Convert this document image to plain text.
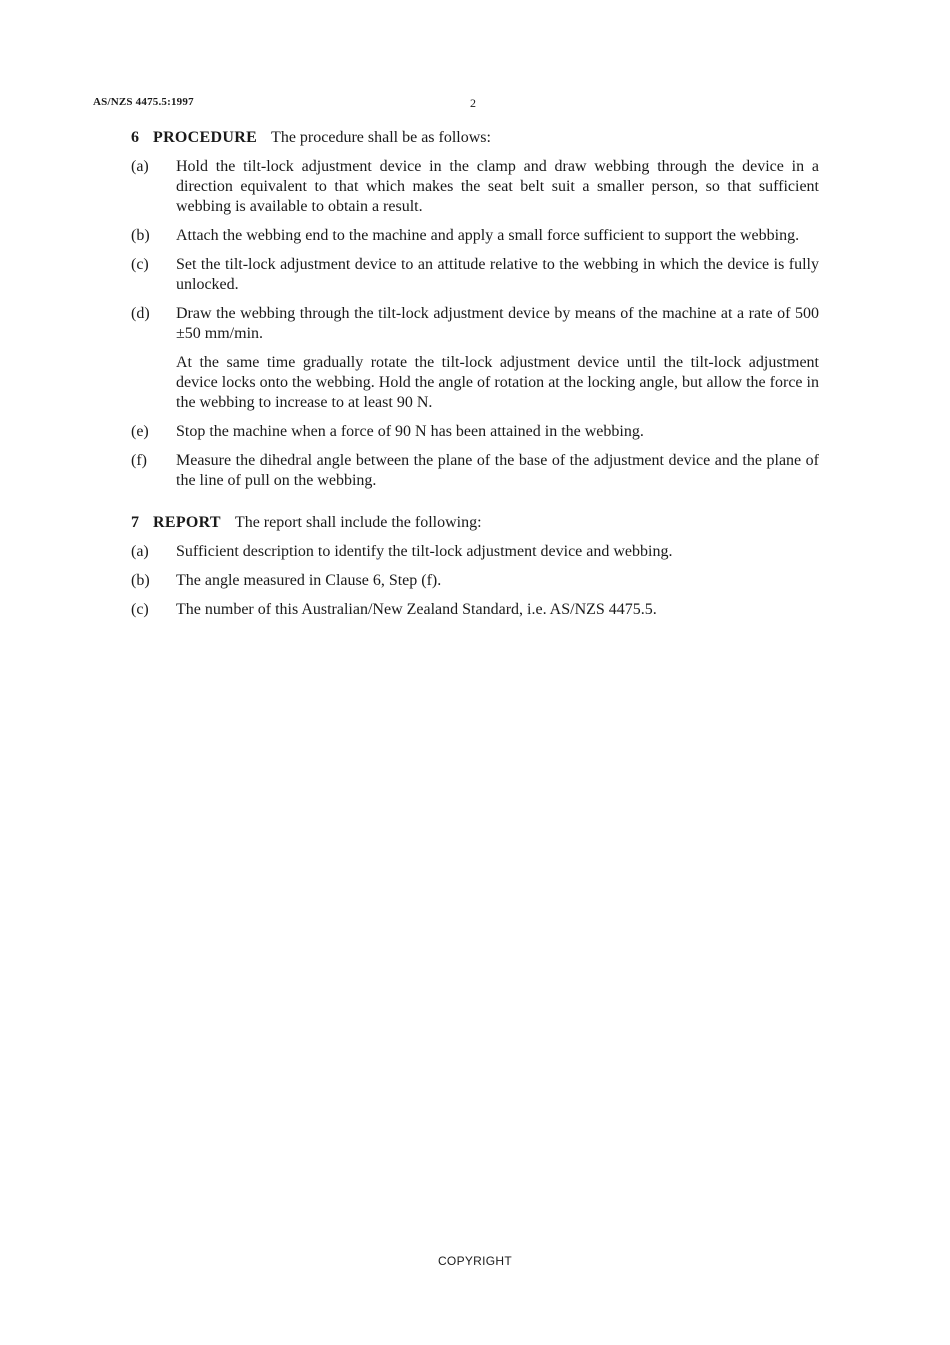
AS/NZS 4475.5:1997	2
6 PROCEDURE The procedure shall be as follows:
(a)	Hold the tilt-lock adjustment device in the clamp and draw webbing through the device in a direction equivalent to that which makes the seat belt suit a smaller person, so that sufficient webbing is available to obtain a result.
(b)	Attach the webbing end to the machine and apply a small force sufficient to support the webbing.
(c)	Set the tilt-lock adjustment device to an attitude relative to the webbing in which the device is fully unlocked.
(d)	Draw the webbing through the tilt-lock adjustment device by means of the machine at a rate of 500 ±50 mm/min.
At the same time gradually rotate the tilt-lock adjustment device until the tilt-lock adjustment device locks onto the webbing. Hold the angle of rotation at the locking angle, but allow the force in the webbing to increase to at least 90 N.
(e)	Stop the machine when a force of 90 N has been attained in the webbing.
(f)	Measure the dihedral angle between the plane of the base of the adjustment device and the plane of the line of pull on the webbing.
7 REPORT The report shall include the following:
(a)	Sufficient description to identify the tilt-lock adjustment device and webbing.
(b)	The angle measured in Clause 6, Step (f).
(c)	The number of this Australian/New Zealand Standard, i.e. AS/NZS 4475.5.
COPYRIGHT
